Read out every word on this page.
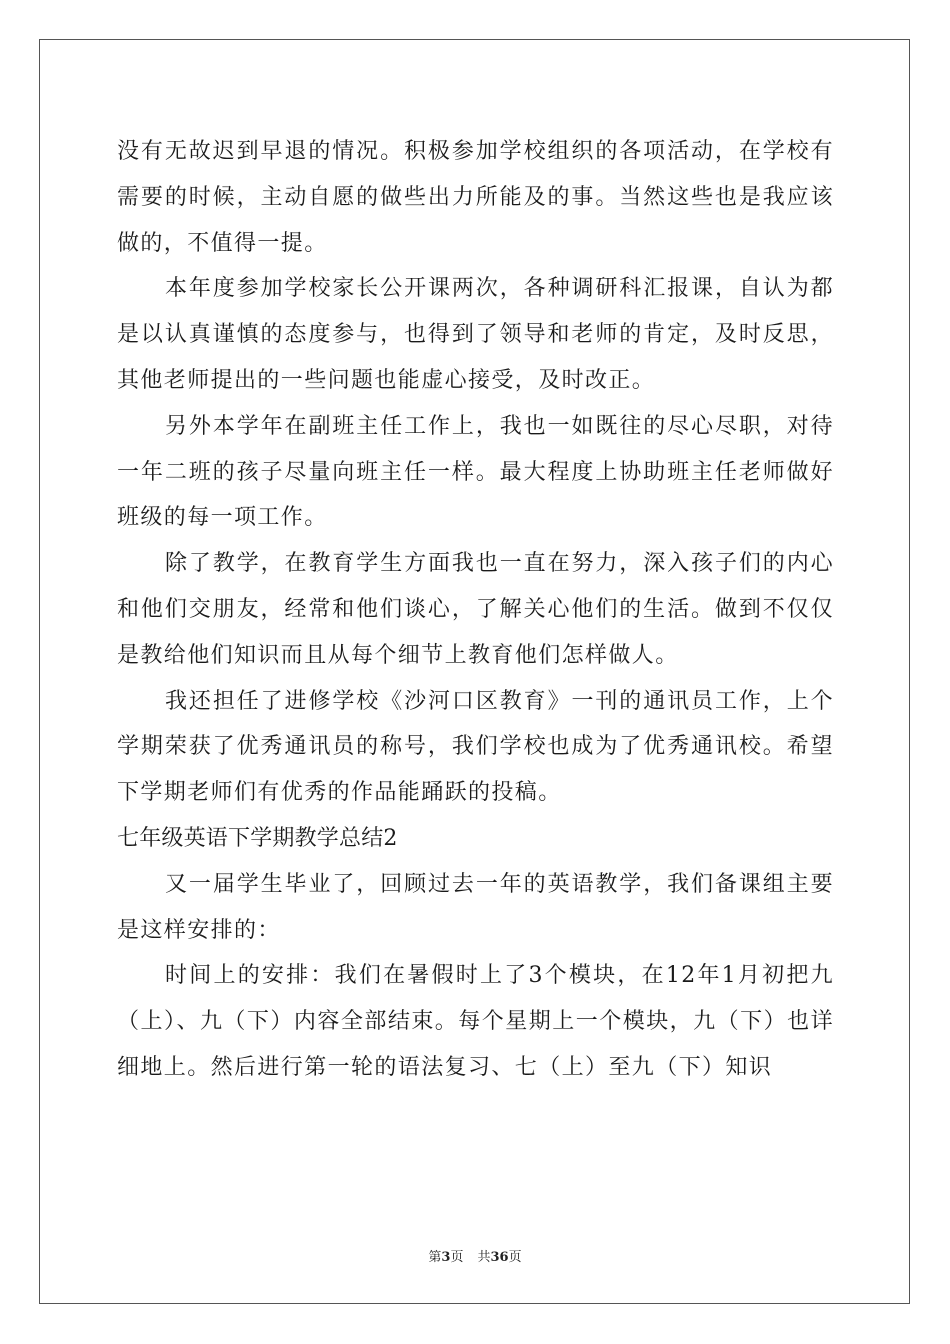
没有无故迟到早退的情况。积极参加学校组织的各项活动，在学校有需要的时候，主动自愿的做些出力所能及的事。当然这些也是我应该做的，不值得一提。

本年度参加学校家长公开课两次，各种调研科汇报课，自认为都是以认真谨慎的态度参与，也得到了领导和老师的肯定，及时反思，其他老师提出的一些问题也能虚心接受，及时改正。

另外本学年在副班主任工作上，我也一如既往的尽心尽职，对待一年二班的孩子尽量向班主任一样。最大程度上协助班主任老师做好班级的每一项工作。

除了教学，在教育学生方面我也一直在努力，深入孩子们的内心和他们交朋友，经常和他们谈心，了解关心他们的生活。做到不仅仅是教给他们知识而且从每个细节上教育他们怎样做人。

我还担任了进修学校《沙河口区教育》一刊的通讯员工作，上个学期荣获了优秀通讯员的称号，我们学校也成为了优秀通讯校。希望下学期老师们有优秀的作品能踊跃的投稿。

七年级英语下学期教学总结2

又一届学生毕业了，回顾过去一年的英语教学，我们备课组主要是这样安排的：

时间上的安排：我们在暑假时上了3个模块，在12年1月初把九（上）、九（下）内容全部结束。每个星期上一个模块，九（下）也详细地上。然后进行第一轮的语法复习、七（上）至九（下）知识

第3页 共36页
